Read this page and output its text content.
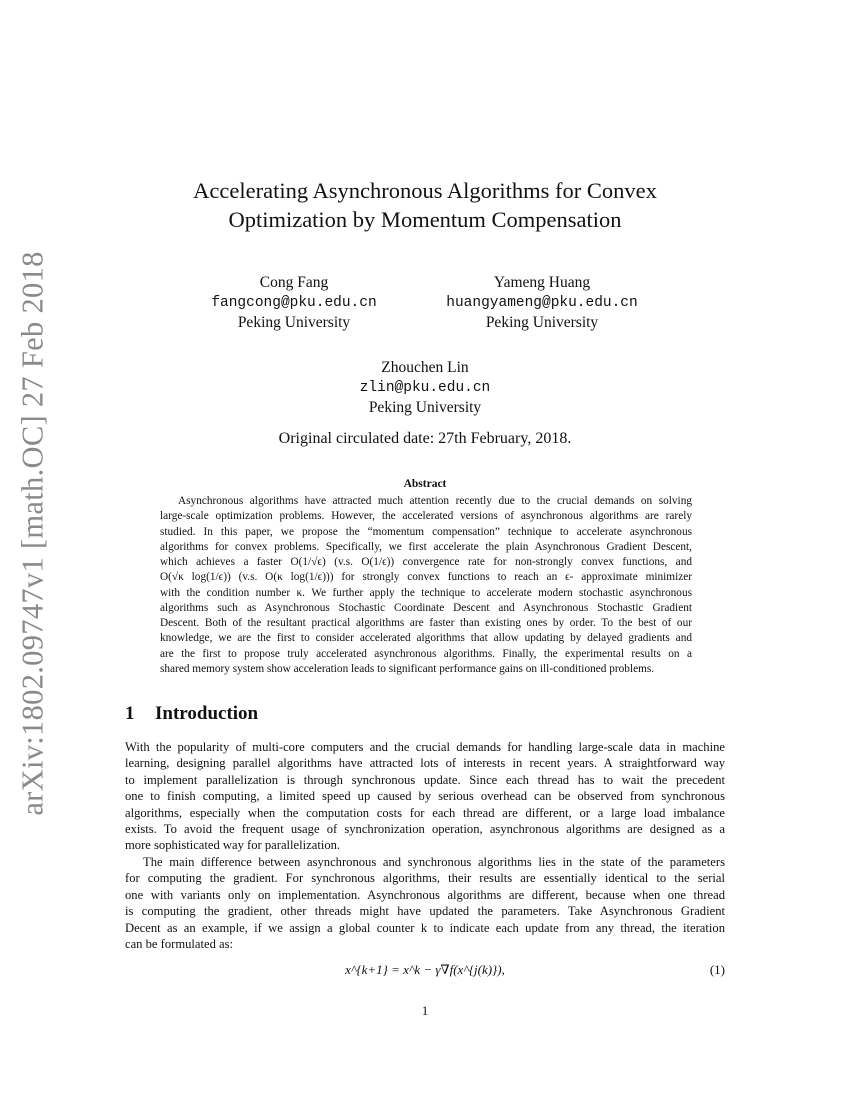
arXiv:1802.09747v1 [math.OC] 27 Feb 2018
Accelerating Asynchronous Algorithms for Convex
Optimization by Momentum Compensation
Cong Fang
fangcong@pku.edu.cn
Peking University
Yameng Huang
huangyameng@pku.edu.cn
Peking University
Zhouchen Lin
zlin@pku.edu.cn
Peking University
Original circulated date: 27th February, 2018.
Abstract
Asynchronous algorithms have attracted much attention recently due to the crucial demands on solving
large-scale optimization problems. However, the accelerated versions of asynchronous algorithms are rarely
studied. In this paper, we propose the “momentum compensation” technique to accelerate asynchronous
algorithms for convex problems. Specifically, we first accelerate the plain Asynchronous Gradient Descent,
which achieves a faster O(1/√ϵ) (v.s. O(1/ϵ)) convergence rate for non-strongly convex functions, and
O(√κ log(1/ϵ)) (v.s. O(κ log(1/ϵ))) for strongly convex functions to reach an ϵ- approximate minimizer
with the condition number κ. We further apply the technique to accelerate modern stochastic asynchronous
algorithms such as Asynchronous Stochastic Coordinate Descent and Asynchronous Stochastic Gradient
Descent. Both of the resultant practical algorithms are faster than existing ones by order. To the best of our
knowledge, we are the first to consider accelerated algorithms that allow updating by delayed gradients and
are the first to propose truly accelerated asynchronous algorithms. Finally, the experimental results on a
shared memory system show acceleration leads to significant performance gains on ill-conditioned problems.
1 Introduction
With the popularity of multi-core computers and the crucial demands for handling large-scale data in machine
learning, designing parallel algorithms have attracted lots of interests in recent years. A straightforward way
to implement parallelization is through synchronous update. Since each thread has to wait the precedent
one to finish computing, a limited speed up caused by serious overhead can be observed from synchronous
algorithms, especially when the computation costs for each thread are different, or a large load imbalance
exists. To avoid the frequent usage of synchronization operation, asynchronous algorithms are designed as a
more sophisticated way for parallelization.
The main difference between asynchronous and synchronous algorithms lies in the state of the parameters
for computing the gradient. For synchronous algorithms, their results are essentially identical to the serial
one with variants only on implementation. Asynchronous algorithms are different, because when one thread
is computing the gradient, other threads might have updated the parameters. Take Asynchronous Gradient
Decent as an example, if we assign a global counter k to indicate each update from any thread, the iteration
can be formulated as:
x^{k+1} = x^k − γ∇f(x^{j(k)}),	(1)
1
